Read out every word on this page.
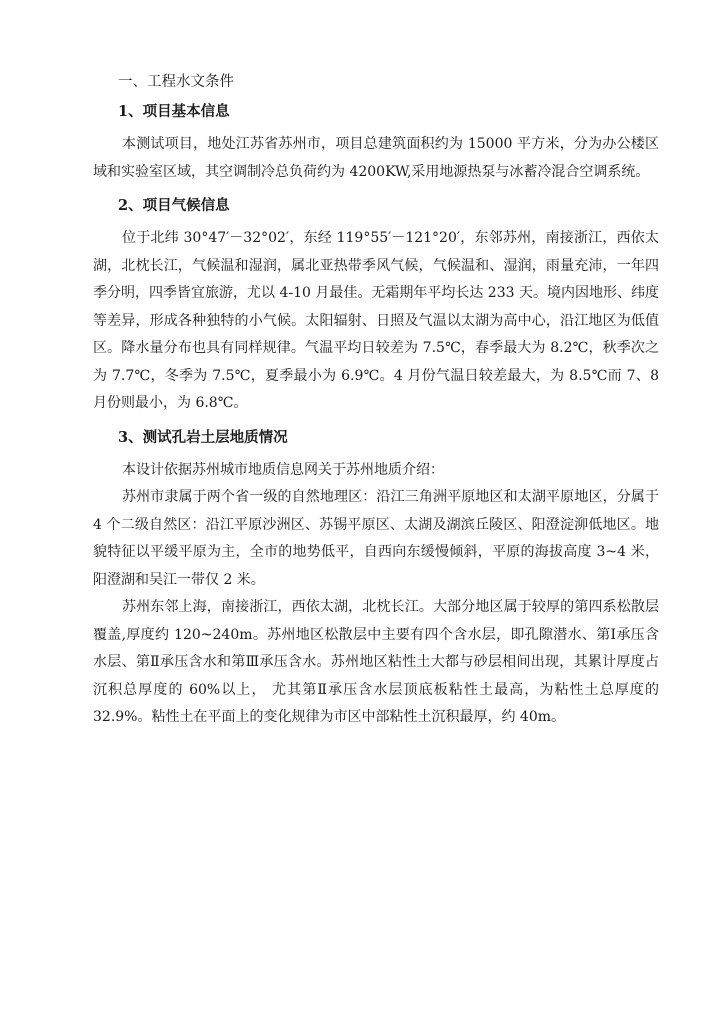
一、工程水文条件
1、项目基本信息

本测试项目，地处江苏省苏州市，项目总建筑面积约为 15000 平方米，分为办公楼区域和实验室区域，其空调制冷总负荷约为 4200KW,采用地源热泵与冰蓄冷混合空调系统。

2、项目气候信息

位于北纬 30°47′－32°02′，东经 119°55′－121°20′，东邻苏州，南接浙江，西依太湖，北枕长江，气候温和湿润，属北亚热带季风气候，气候温和、湿润，雨量充沛，一年四季分明，四季皆宜旅游，尤以 4-10 月最佳。无霜期年平均长达 233 天。境内因地形、纬度等差异，形成各种独特的小气候。太阳辐射、日照及气温以太湖为高中心，沿江地区为低值区。降水量分布也具有同样规律。气温平均日较差为 7.5℃，春季最大为 8.2℃，秋季次之为 7.7℃，冬季为 7.5℃，夏季最小为 6.9℃。4 月份气温日较差最大，为 8.5℃而 7、8 月份则最小，为 6.8℃。

3、测试孔岩土层地质情况

本设计依据苏州城市地质信息网关于苏州地质介绍：

苏州市隶属于两个省一级的自然地理区：沿江三角洲平原地区和太湖平原地区，分属于 4 个二级自然区：沿江平原沙洲区、苏锡平原区、太湖及湖滨丘陵区、阳澄淀泖低地区。地貌特征以平缓平原为主，全市的地势低平，自西向东缓慢倾斜，平原的海拔高度 3~4 米，阳澄湖和吴江一带仅 2 米。

苏州东邻上海，南接浙江，西依太湖，北枕长江。大部分地区属于较厚的第四系松散层覆盖,厚度约 120~240m。苏州地区松散层中主要有四个含水层，即孔隙潜水、第Ⅰ承压含水层、第Ⅱ承压含水和第Ⅲ承压含水。苏州地区粘性土大都与砂层相间出现，其累计厚度占沉积总厚度的 60%以上， 尤其第Ⅱ承压含水层顶底板粘性土最高，为粘性土总厚度的 32.9%。粘性土在平面上的变化规律为市区中部粘性土沉积最厚，约 40m。
